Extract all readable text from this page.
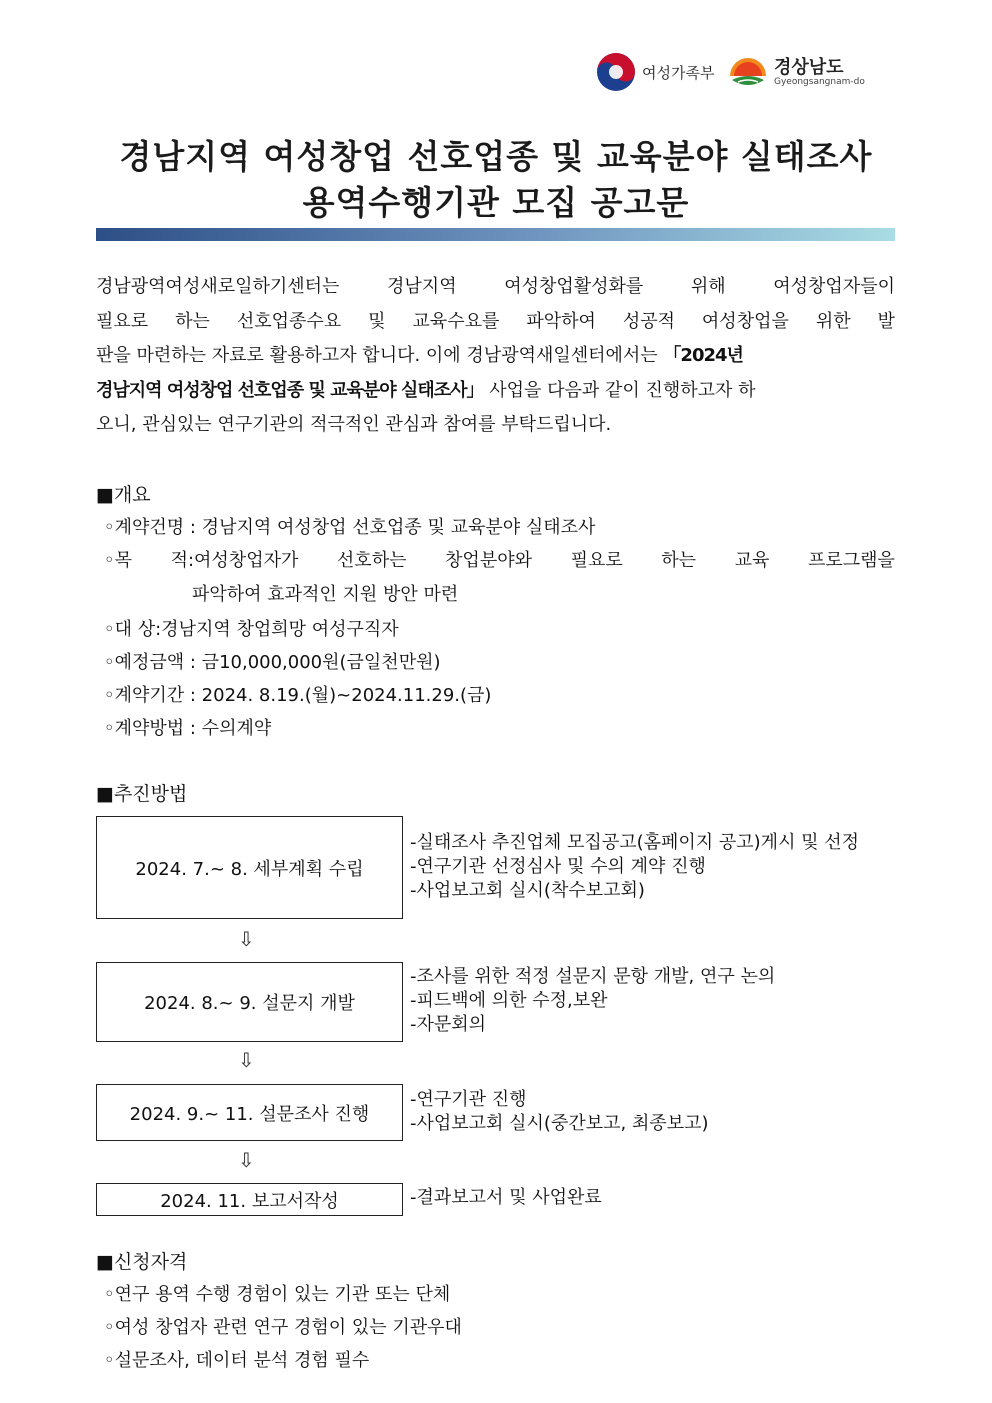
여성가족부	경상남도
Gyeongsangnam-do
경남지역 여성창업 선호업종 및 교육분야 실태조사
용역수행기관 모집 공고문
경남광역여성새로일하기센터는	경남지역	여성창업활성화를	위해	여성창업자들이
필요로 하는 선호업종수요 및 교육수요를 파악하여 성공적 여성창업을 위한 발
판을 마련하는 자료로 활용하고자 합니다. 이에 경남광역새일센터에서는 「2024년
경남지역 여성창업 선호업종 및 교육분야 실태조사」 사업을 다음과 같이 진행하고자 하
오니, 관심있는 연구기관의 적극적인 관심과 참여를 부탁드립니다.
■개요
◦계약건명 : 경남지역 여성창업 선호업종 및 교육분야 실태조사
◦목 적:여성창업자가 선호하는 창업분야와 필요로 하는 교육 프로그램을
파악하여 효과적인 지원 방안 마련
◦대 상:경남지역 창업희망 여성구직자
◦예정금액 : 금10,000,000원(금일천만원)
◦계약기간 : 2024. 8.19.(월)~2024.11.29.(금)
◦계약방법 : 수의계약
■추진방법
2024. 7.~ 8. 세부계획 수립
-실태조사 추진업체 모집공고(홈페이지 공고)게시 및 선정
-연구기관 선정심사 및 수의 계약 진행
-사업보고회 실시(착수보고회)
⇩
2024. 8.~ 9. 설문지 개발
-조사를 위한 적정 설문지 문항 개발, 연구 논의
-피드백에 의한 수정,보완
-자문회의
⇩
2024. 9.~ 11. 설문조사 진행
-연구기관 진행
-사업보고회 실시(중간보고, 최종보고)
⇩
2024. 11. 보고서작성	-결과보고서 및 사업완료
■신청자격
◦연구 용역 수행 경험이 있는 기관 또는 단체
◦여성 창업자 관련 연구 경험이 있는 기관우대
◦설문조사, 데이터 분석 경험 필수
